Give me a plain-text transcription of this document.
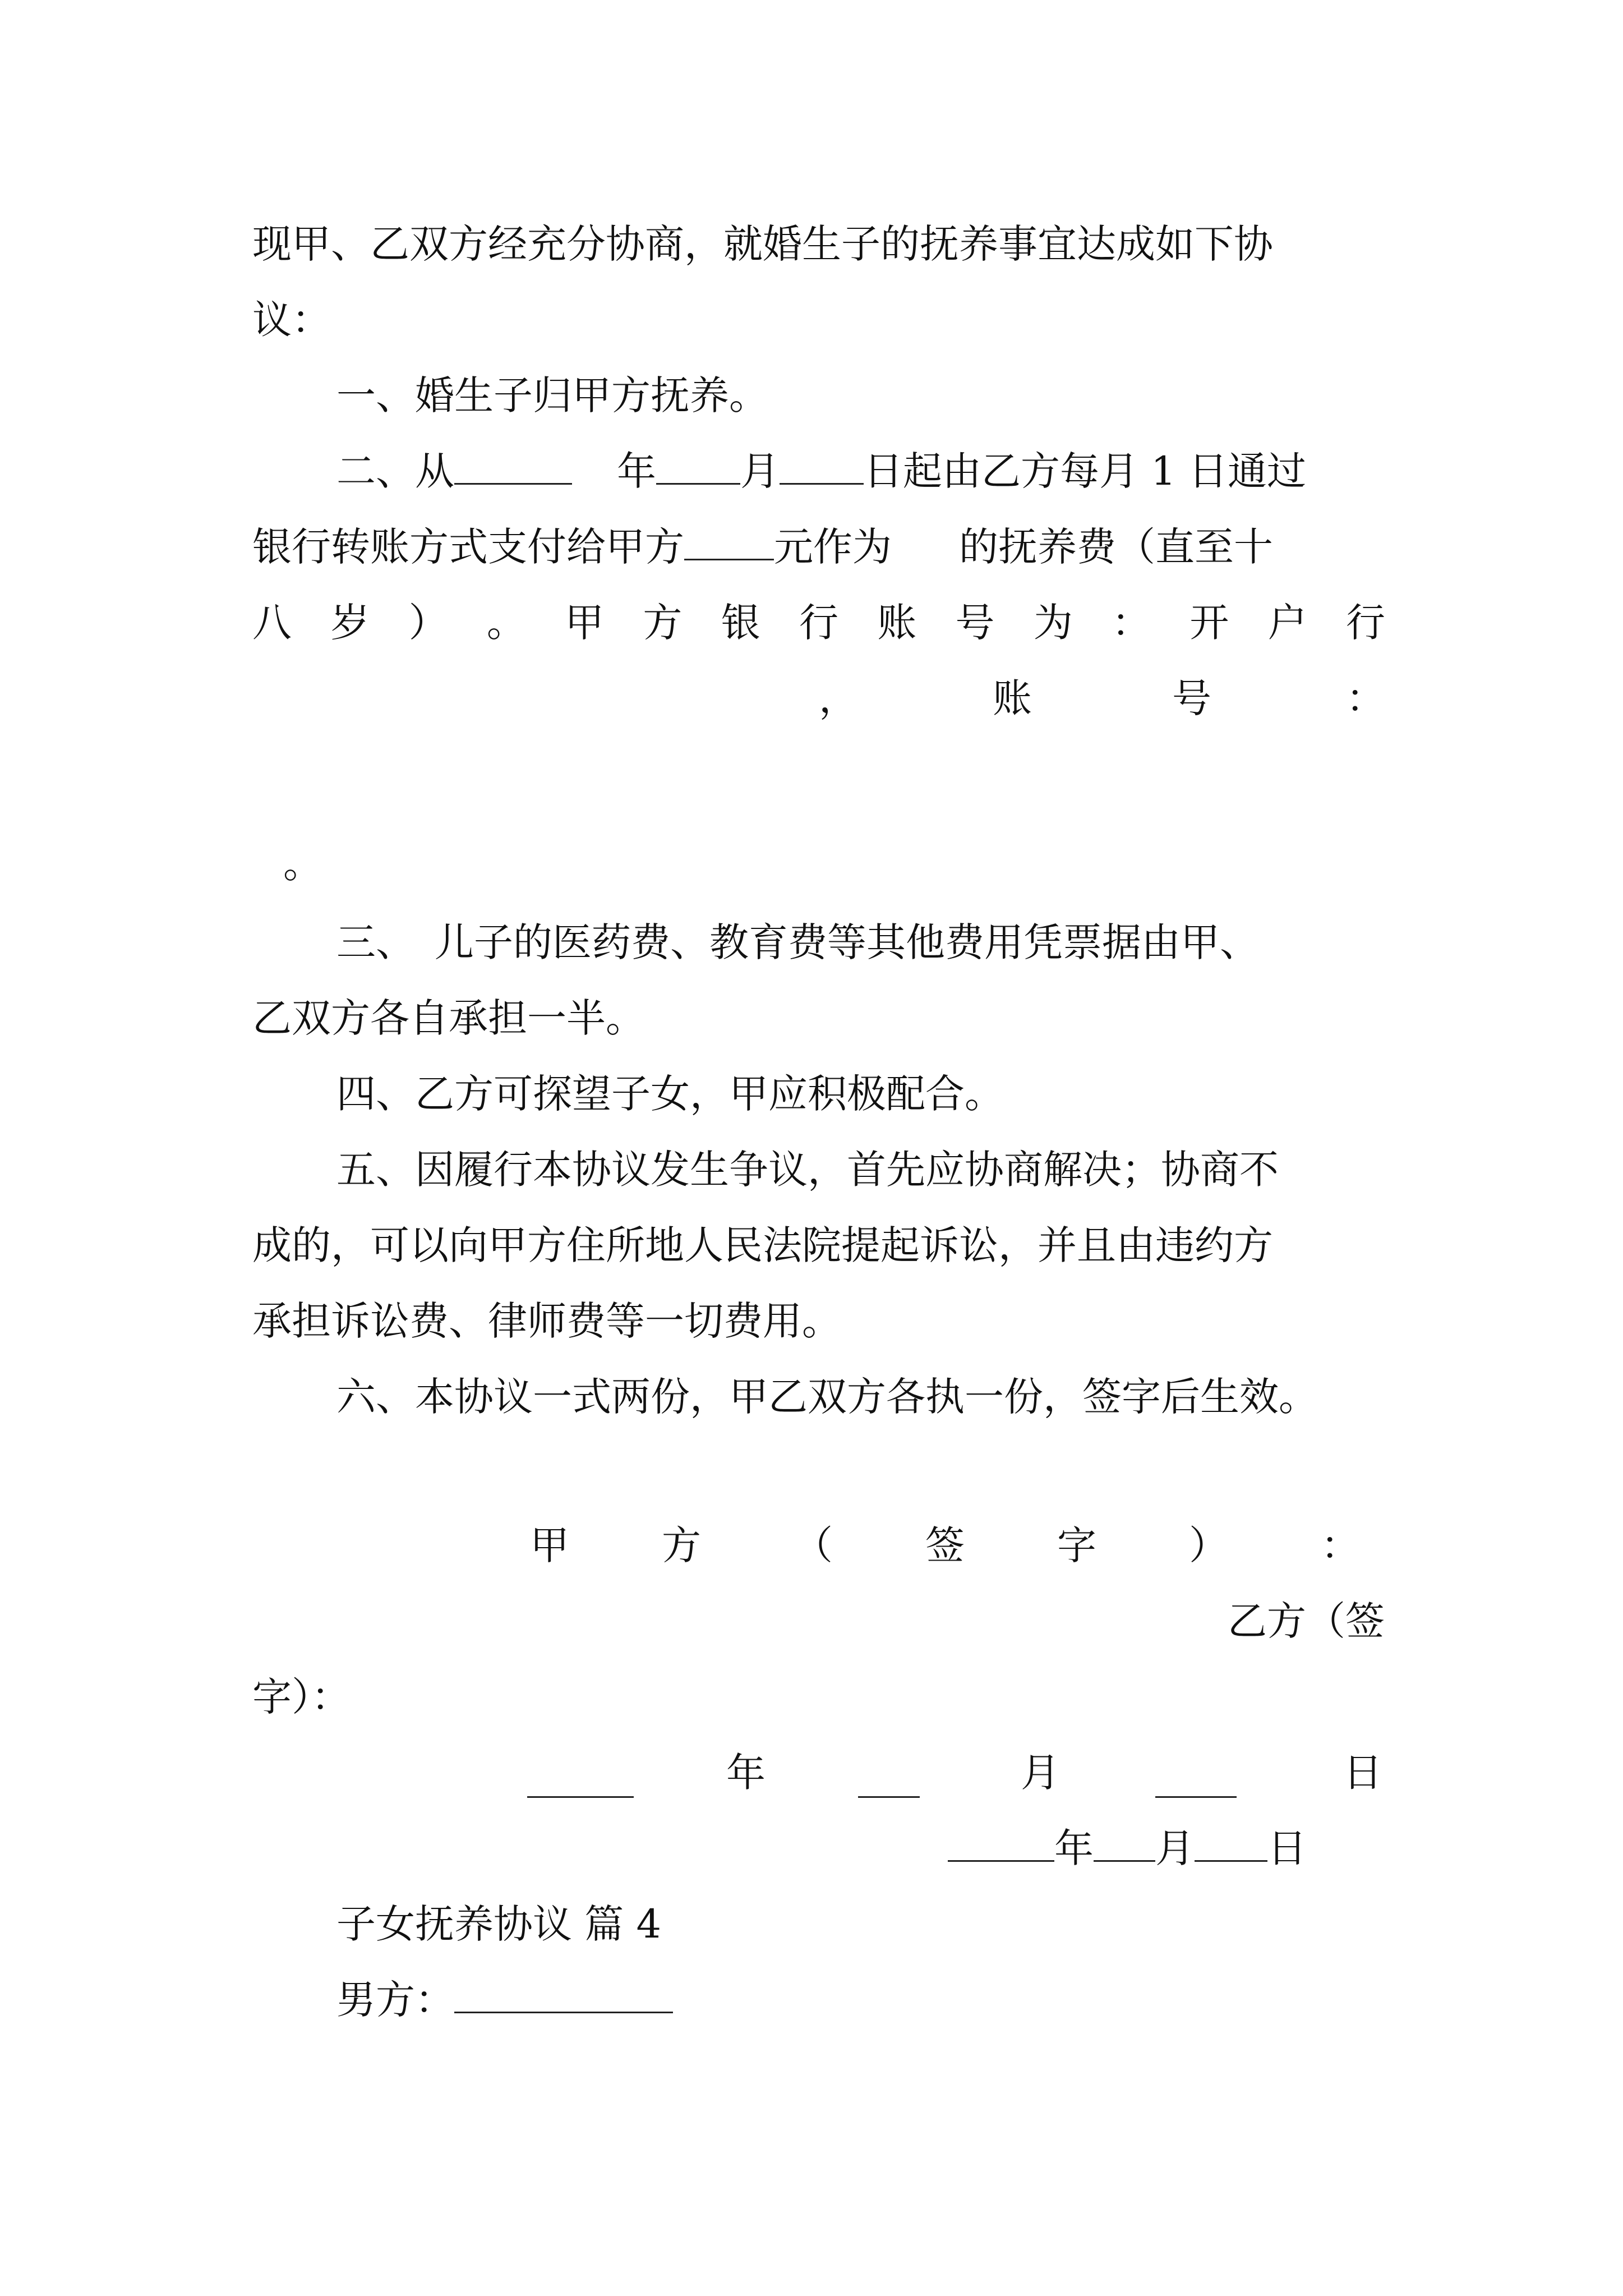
现甲、乙双方经充分协商，就婚生子的抚养事宜达成如下协
议：
一、婚生子归甲方抚养。
二、从	年 月 日起由乙方每月 1 日通过
银行转账方式支付给甲方 元作为 的抚养费（直至十
八 岁 ） 。 甲 方 银 行 账 号 为 ： 开 户 行
，	账	号	：
。
三、　儿子的医药费、教育费等其他费用凭票据由甲、
乙双方各自承担一半。
四、乙方可探望子女，甲应积极配合。
五、因履行本协议发生争议，首先应协商解决；协商不
成的，可以向甲方住所地人民法院提起诉讼，并且由违约方
承担诉讼费、律师费等一切费用。
六、本协议一式两份，甲乙双方各执一份，签字后生效。
甲 方 （ 签 字 ） ：
乙方（签
字）：
年	月	日
年 月 日
子女抚养协议 篇 4
男方：
